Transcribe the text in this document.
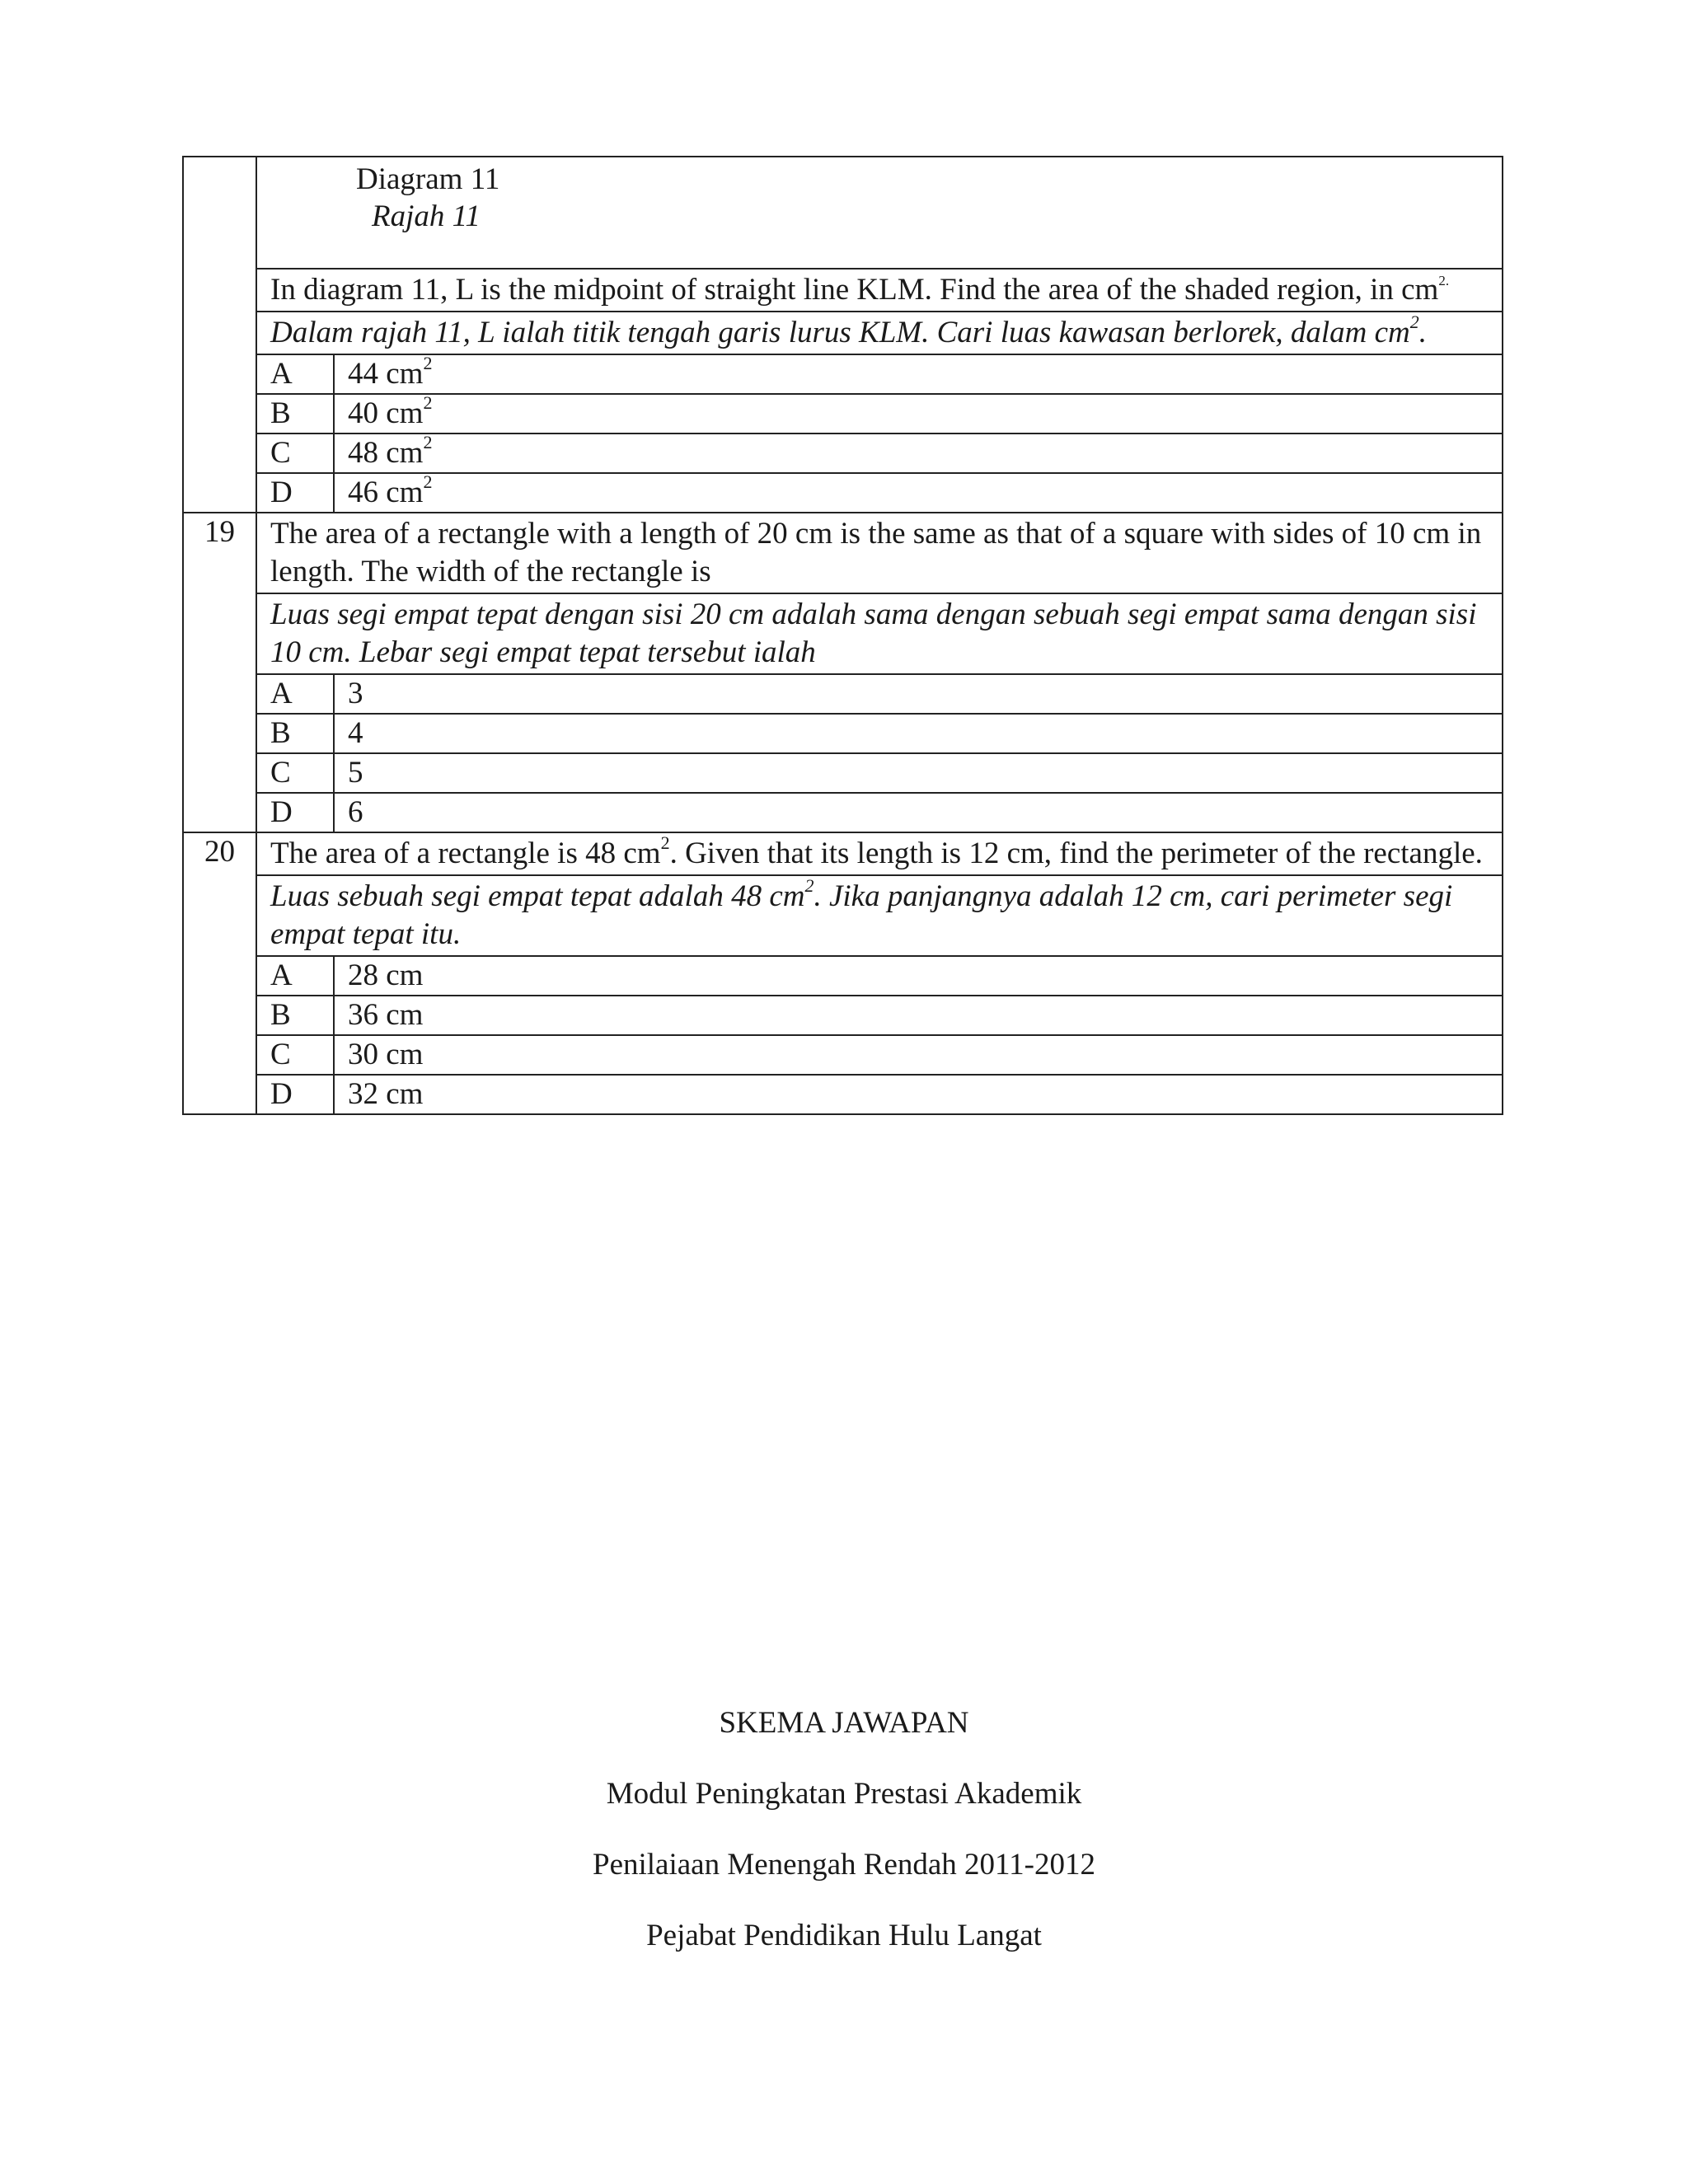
	Diagram 11
Rajah 11	

	In diagram 11, L is the midpoint of straight line KLM. Find the area of the shaded region, in $cm^{2.}$
	Dalam rajah 11, L ialah titik tengah garis lurus KLM. Cari luas kawasan berlorek, dalam $cm^2$.	
	A	44 $cm^2$
	B	40 $cm^2$
	C	48 $cm^2$
	D	46 $cm^2$
19	The area of a rectangle with a length of 20 cm is the same as that of a square with sides of 10 cm in length. The width of the rectangle is	
	Luas segi empat tepat dengan sisi 20 cm adalah sama dengan sebuah segi empat sama dengan sisi 10 cm. Lebar segi empat tepat tersebut ialah	
	A	3
	B	4
	C	5
	D	6
20	The area of a rectangle is 48 $cm^2$. Given that its length is 12 cm, find the perimeter of the rectangle.	
	Luas sebuah segi empat tepat adalah 48 $cm^2$. Jika panjangnya adalah 12 cm, cari perimeter segi empat tepat itu.	
	A	28 cm
	B	36 cm
	C	30 cm
	D	32 cm
SKEMA JAWAPAN
Modul Peningkatan Prestasi Akademik
Penilaiaan Menengah Rendah 2011-2012
Pejabat Pendidikan Hulu Langat
